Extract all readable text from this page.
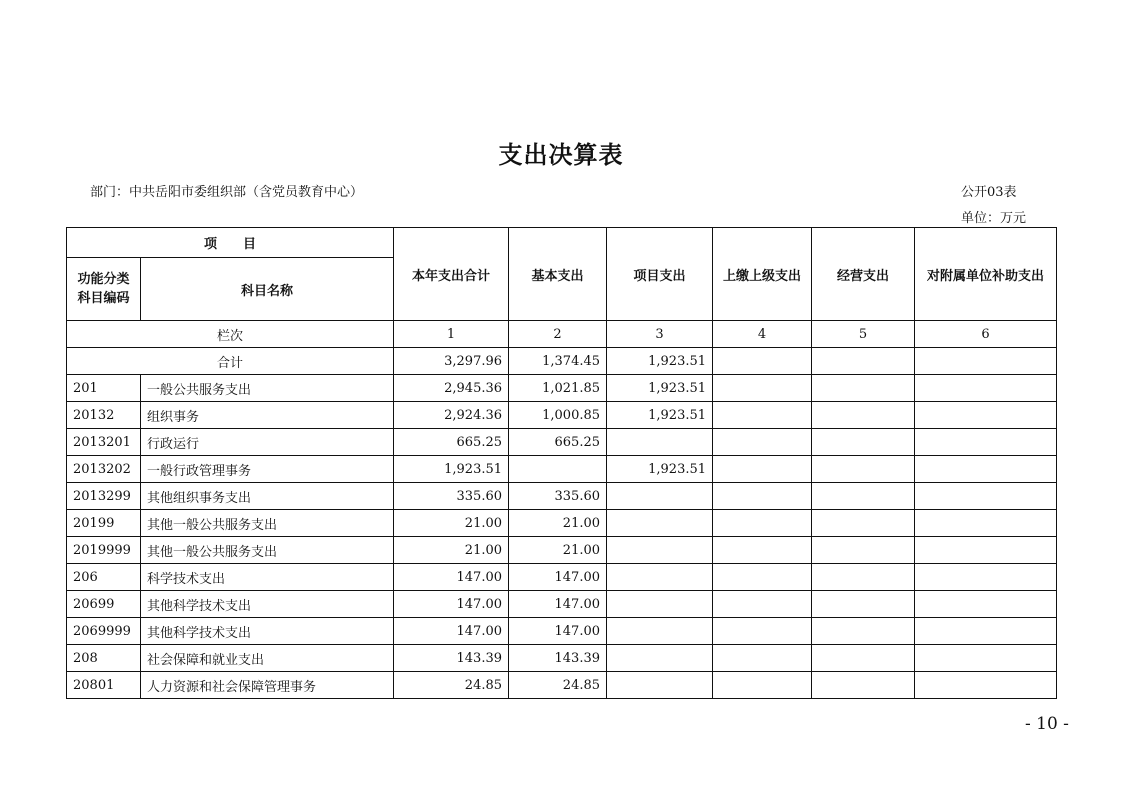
支出决算表
部门：中共岳阳市委组织部（含党员教育中心）	公开03表
单位：万元
项　　目		本年支出合计	基本支出	项目支出	上缴上级支出	经营支出	对附属单位补助支出
功能分类
科目编码	科目名称						
栏次		1	2	3	4	5	6
合计		3,297.96	1,374.45	1,923.51			
201	一般公共服务支出	2,945.36	1,021.85	1,923.51			
20132	组织事务	2,924.36	1,000.85	1,923.51			
2013201	行政运行	665.25	665.25				
2013202	一般行政管理事务	1,923.51		1,923.51			
2013299	其他组织事务支出	335.60	335.60				
20199	其他一般公共服务支出	21.00	21.00				
2019999	其他一般公共服务支出	21.00	21.00				
206	科学技术支出	147.00	147.00				
20699	其他科学技术支出	147.00	147.00				
2069999	其他科学技术支出	147.00	147.00				
208	社会保障和就业支出	143.39	143.39				
20801	人力资源和社会保障管理事务	24.85	24.85				
- 10 -
